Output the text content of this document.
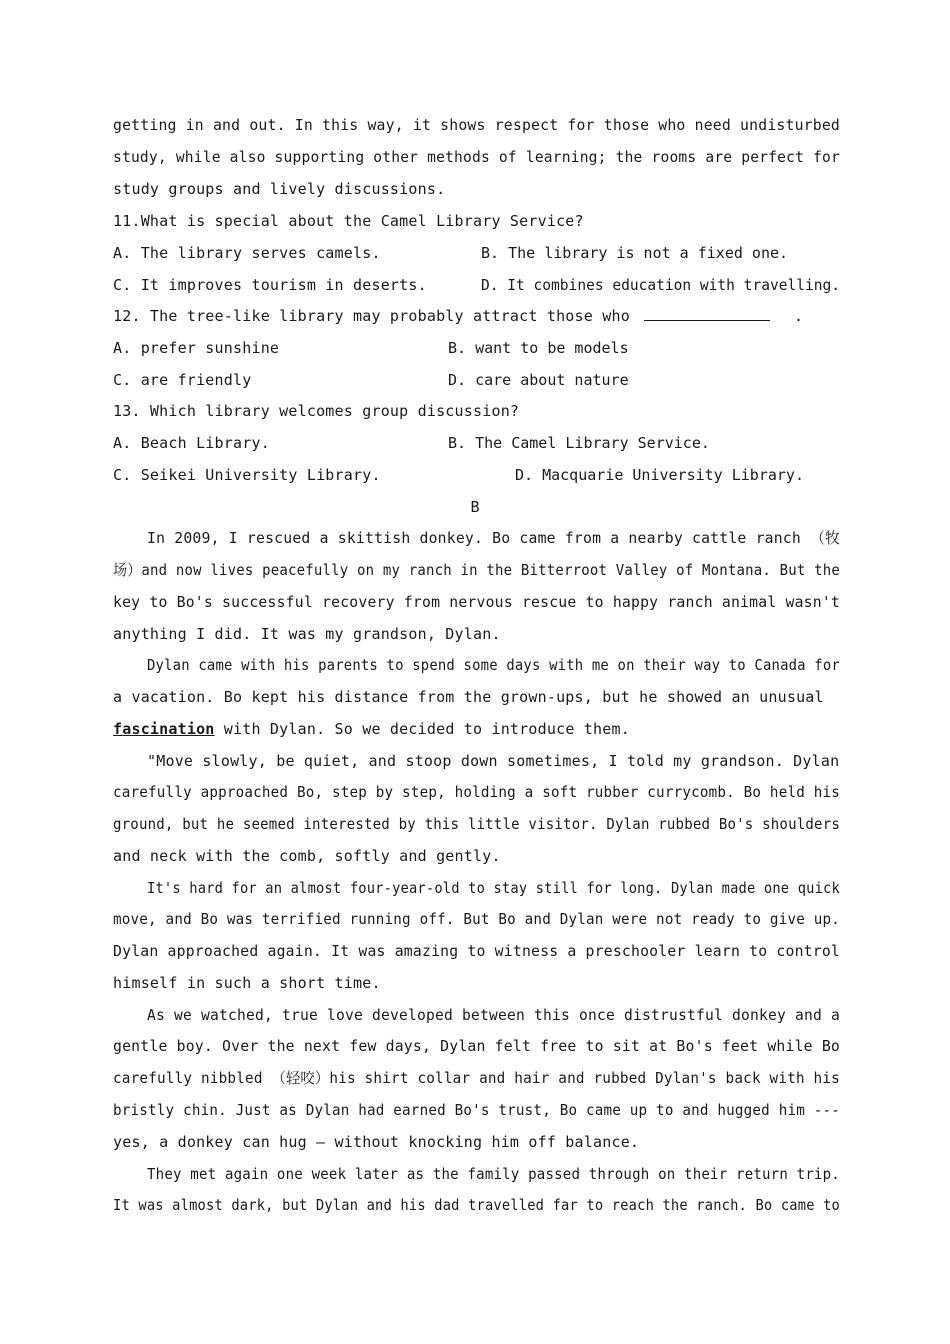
getting in and out. In this way, it shows respect for those who need undisturbed
study, while also supporting other methods of learning; the rooms are perfect for
study groups and lively discussions.
11.What is special about the Camel Library Service?
A. The library serves camels.	B. The library is not a fixed one.
C. It improves tourism in deserts.	D. It combines education with travelling.
12. The tree-like library may probably attract those who	.
A. prefer sunshine	B. want to be models
C. are friendly	D. care about nature
13. Which library welcomes group discussion?
A. Beach Library.	B. The Camel Library Service.
C. Seikei University Library.	D. Macquarie University Library.
B
In 2009, I rescued a skittish donkey. Bo came from a nearby cattle ranch （牧
场）and now lives peacefully on my ranch in the Bitterroot Valley of Montana. But the
key to Bo's successful recovery from nervous rescue to happy ranch animal wasn't
anything I did. It was my grandson, Dylan.
Dylan came with his parents to spend some days with me on their way to Canada for
a vacation. Bo kept his distance from the grown-ups, but he showed an unusual
fascination with Dylan. So we decided to introduce them.
"Move slowly, be quiet, and stoop down sometimes, I told my grandson. Dylan
carefully approached Bo, step by step, holding a soft rubber currycomb. Bo held his
ground, but he seemed interested by this little visitor. Dylan rubbed Bo's shoulders
and neck with the comb, softly and gently.
It's hard for an almost four-year-old to stay still for long. Dylan made one quick
move, and Bo was terrified running off. But Bo and Dylan were not ready to give up.
Dylan approached again. It was amazing to witness a preschooler learn to control
himself in such a short time.
As we watched, true love developed between this once distrustful donkey and a
gentle boy. Over the next few days, Dylan felt free to sit at Bo's feet while Bo
carefully nibbled （轻咬）his shirt collar and hair and rubbed Dylan's back with his
bristly chin. Just as Dylan had earned Bo's trust, Bo came up to and hugged him ---
yes, a donkey can hug — without knocking him off balance.
They met again one week later as the family passed through on their return trip.
It was almost dark, but Dylan and his dad travelled far to reach the ranch. Bo came to
